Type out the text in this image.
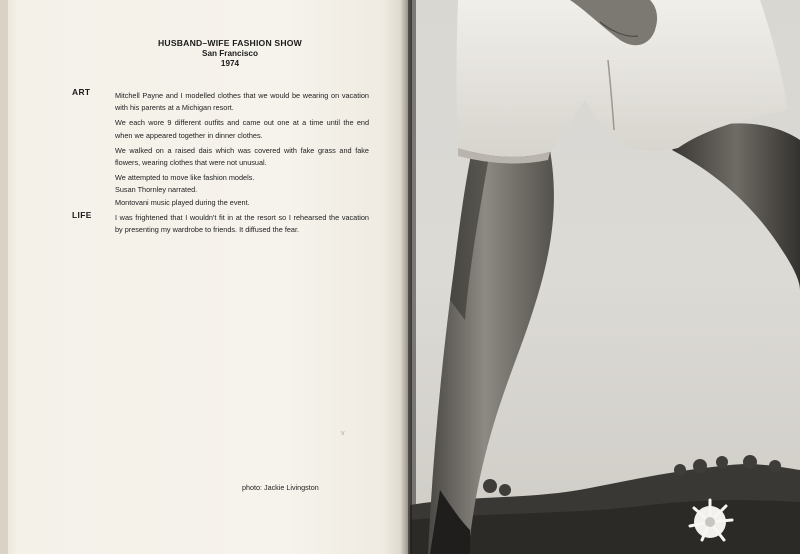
HUSBAND–WIFE FASHION SHOW
San Francisco
1974
ART	Mitchell Payne and I modelled clothes that we would be wearing on vacation with his parents at a Michigan resort.

We each wore 9 different outfits and came out one at a time until the end when we appeared together in dinner clothes.

We walked on a raised dais which was covered with fake grass and fake flowers, wearing clothes that were not unusual.

We attempted to move like fashion models.

Susan Thornley narrated.

Montovani music played during the event.

LIFE	I was frightened that I wouldn't fit in at the resort so I rehearsed the vacation by presenting my wardrobe to friends. It diffused the fear.

v
photo: Jackie Livingston
